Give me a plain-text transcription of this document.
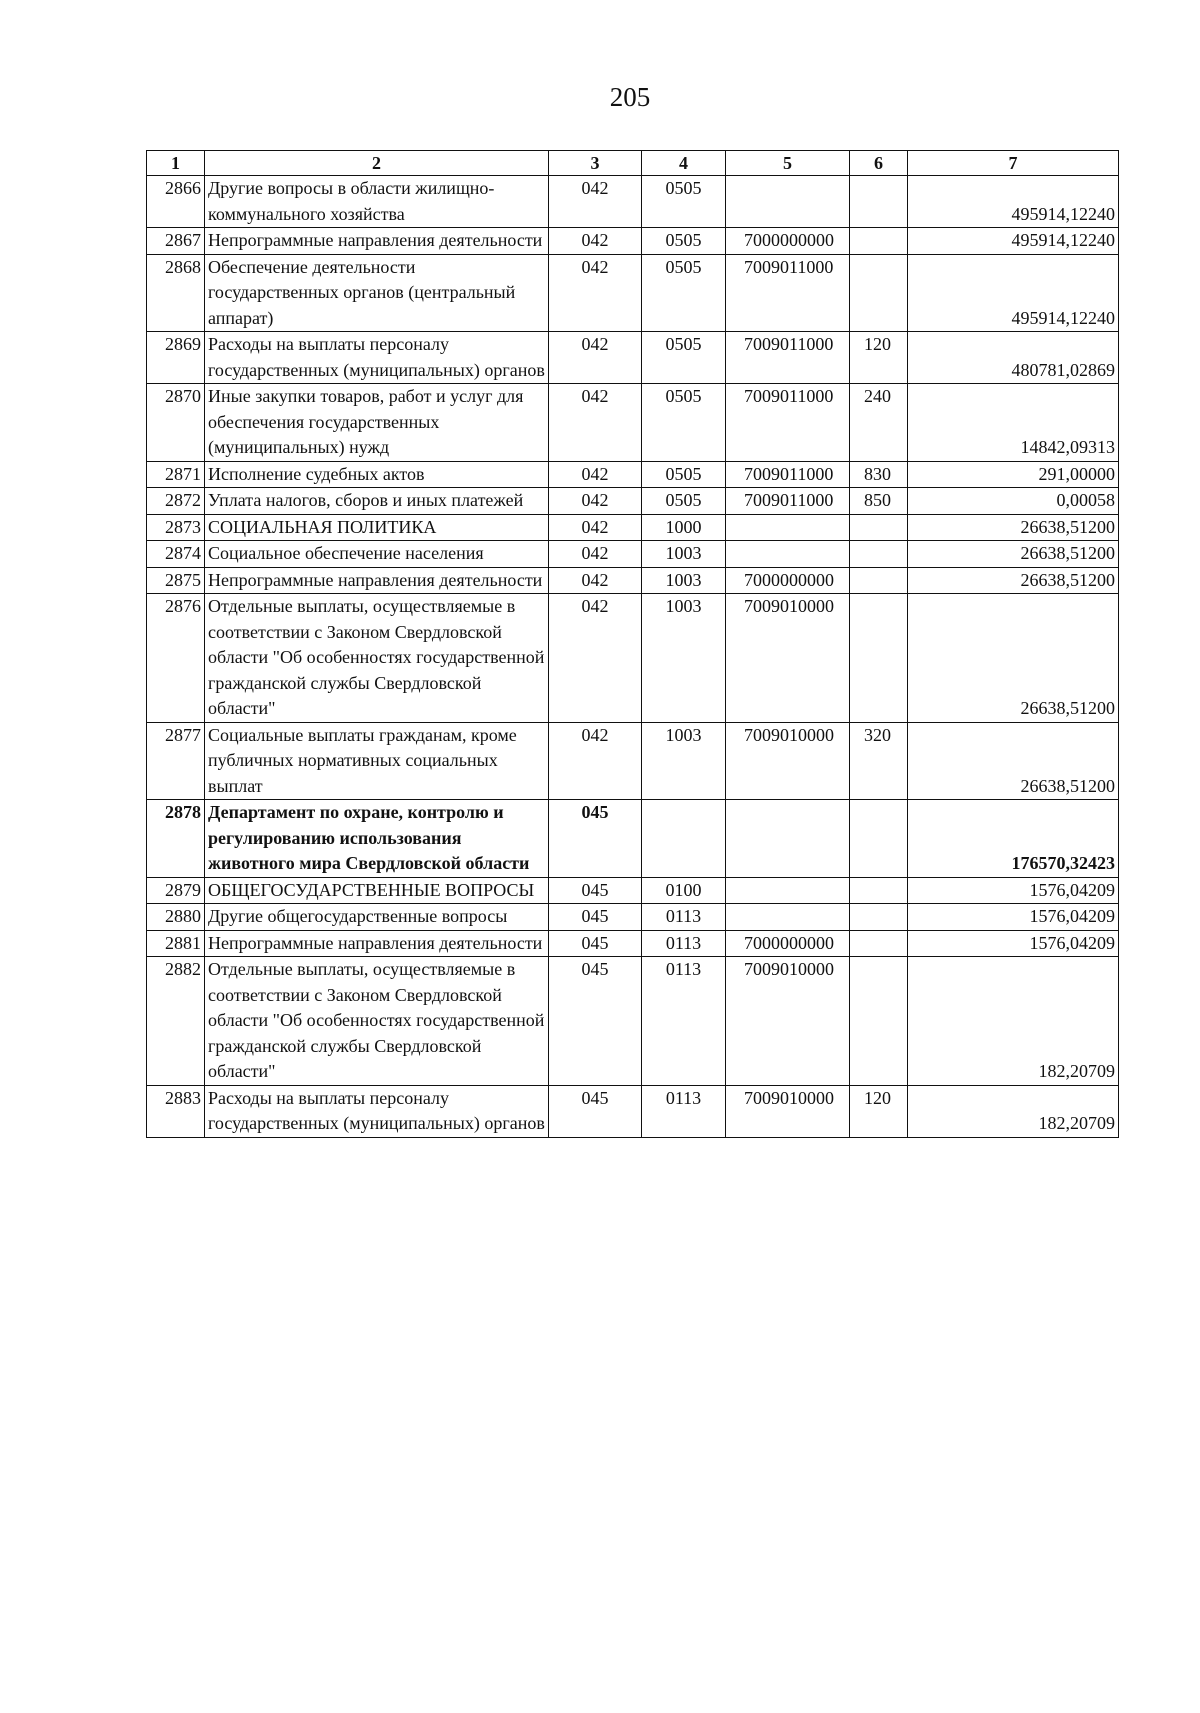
205
1	2	3	4	5	6	7
2866	Другие вопросы в области жилищно-коммунального хозяйства	042	0505			495914,12240
2867	Непрограммные направления деятельности	042	0505	7000000000		495914,12240
2868	Обеспечение деятельности государственных органов (центральный аппарат)	042	0505	7009011000		495914,12240
2869	Расходы на выплаты персоналу государственных (муниципальных) органов	042	0505	7009011000	120	480781,02869
2870	Иные закупки товаров, работ и услуг для обеспечения государственных (муниципальных) нужд	042	0505	7009011000	240	14842,09313
2871	Исполнение судебных актов	042	0505	7009011000	830	291,00000
2872	Уплата налогов, сборов и иных платежей	042	0505	7009011000	850	0,00058
2873	СОЦИАЛЬНАЯ ПОЛИТИКА	042	1000			26638,51200
2874	Социальное обеспечение населения	042	1003			26638,51200
2875	Непрограммные направления деятельности	042	1003	7000000000		26638,51200
2876	Отдельные выплаты, осуществляемые в соответствии с Законом Свердловской области "Об особенностях государственной гражданской службы Свердловской области"	042	1003	7009010000		26638,51200
2877	Социальные выплаты гражданам, кроме публичных нормативных социальных выплат	042	1003	7009010000	320	26638,51200
2878	Департамент по охране, контролю и регулированию использования животного мира Свердловской области	045				176570,32423
2879	ОБЩЕГОСУДАРСТВЕННЫЕ ВОПРОСЫ	045	0100			1576,04209
2880	Другие общегосударственные вопросы	045	0113			1576,04209
2881	Непрограммные направления деятельности	045	0113	7000000000		1576,04209
2882	Отдельные выплаты, осуществляемые в соответствии с Законом Свердловской области "Об особенностях государственной гражданской службы Свердловской области"	045	0113	7009010000		182,20709
2883	Расходы на выплаты персоналу государственных (муниципальных) органов	045	0113	7009010000	120	182,20709
